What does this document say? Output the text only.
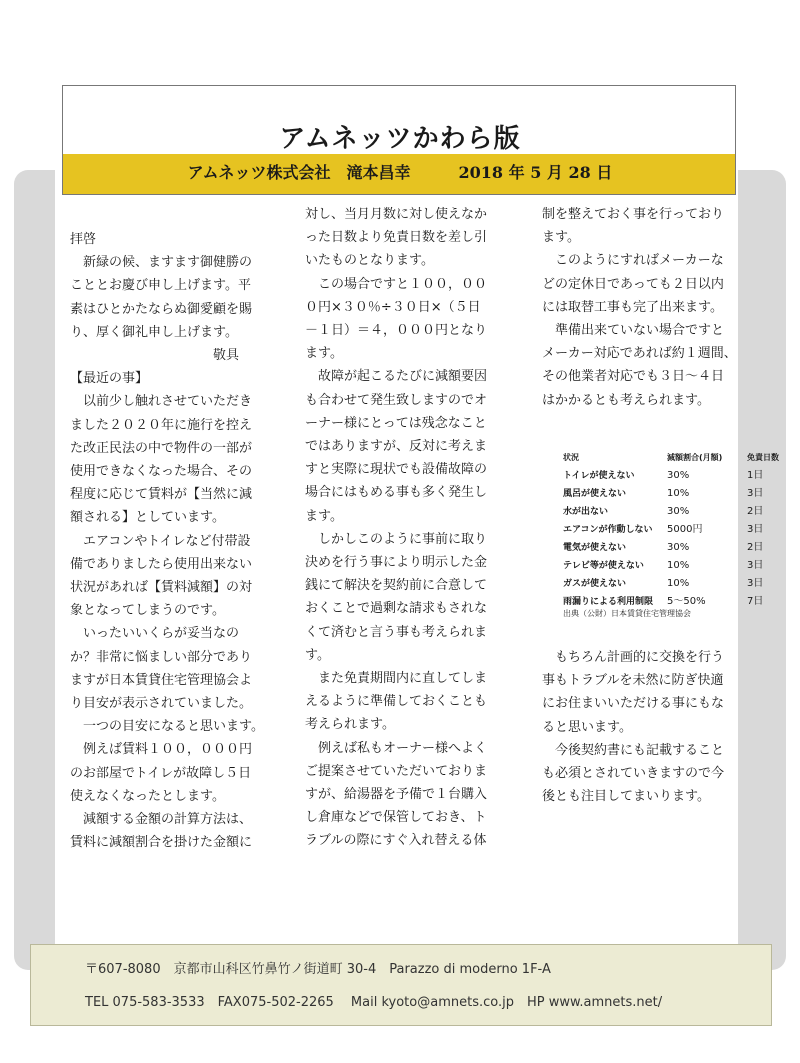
アムネッツかわら版
アムネッツ株式会社　滝本昌幸　　　2018 年 5 月 28 日

拝啓

　新緑の候、ますます御健勝の

こととお慶び申し上げます。平

素はひとかたならぬ御愛顧を賜

り、厚く御礼申し上げます。

　　　　　　　　　　　敬具

【最近の事】

　以前少し触れさせていただき

ました２０２０年に施行を控え

た改正民法の中で物件の一部が

使用できなくなった場合、その

程度に応じて賃料が【当然に減

額される】としています。

　エアコンやトイレなど付帯設

備でありましたら使用出来ない

状況があれば【賃料減額】の対

象となってしまうのです。

　いったいいくらが妥当なの

か？非常に悩ましい部分であり

ますが日本賃貸住宅管理協会よ

り目安が表示されていました。

　一つの目安になると思います。

　例えば賃料１００，０００円

のお部屋でトイレが故障し５日

使えなくなったとします。

　減額する金額の計算方法は、

賃料に減額割合を掛けた金額に

対し、当月月数に対し使えなか

った日数より免責日数を差し引

いたものとなります。

　この場合ですと１００，００

０円×３０％÷３０日×（５日

－１日）＝４，０００円となり

ます。

　故障が起こるたびに減額要因

も合わせて発生致しますのでオ

ーナー様にとっては残念なこと

ではありますが、反対に考えま

すと実際に現状でも設備故障の

場合にはもめる事も多く発生し

ます。

　しかしこのように事前に取り

決めを行う事により明示した金

銭にて解決を契約前に合意して

おくことで過剰な請求もされな

くて済むと言う事も考えられま

す。

　また免責期間内に直してしま

えるように準備しておくことも

考えられます。

　例えば私もオーナー様へよく

ご提案させていただいておりま

すが、給湯器を予備で１台購入

し倉庫などで保管しておき、ト

ラブルの際にすぐ入れ替える体

制を整えておく事を行っており

ます。

　このようにすればメーカーな

どの定休日であっても２日以内

には取替工事も完了出来ます。

　準備出来ていない場合ですと

メーカー対応であれば約１週間、

その他業者対応でも３日～４日

はかかるとも考えられます。

　もちろん計画的に交換を行う

事もトラブルを未然に防ぎ快適

にお住まいいただける事にもな

ると思います。

　今後契約書にも記載すること

も必須とされていきますので今

後とも注目してまいります。

状況	減額割合(月額)	免責日数
トイレが使えない	30%	1日
風呂が使えない	10%	3日
水が出ない	30%	2日
エアコンが作動しない 5000円	3日
電気が使えない	30%	2日
テレビ等が使えない 10%	3日
ガスが使えない	10%	3日
雨漏りによる利用制限 5～50%	7日
出典（公財）日本賃貸住宅管理協会
〒607-8080　京都市山科区竹鼻竹ノ街道町 30-4　Parazzo di moderno 1F-A
TEL 075-583-3533　FAX075-502-2265　 Mail kyoto@amnets.co.jp　HP www.amnets.net/
